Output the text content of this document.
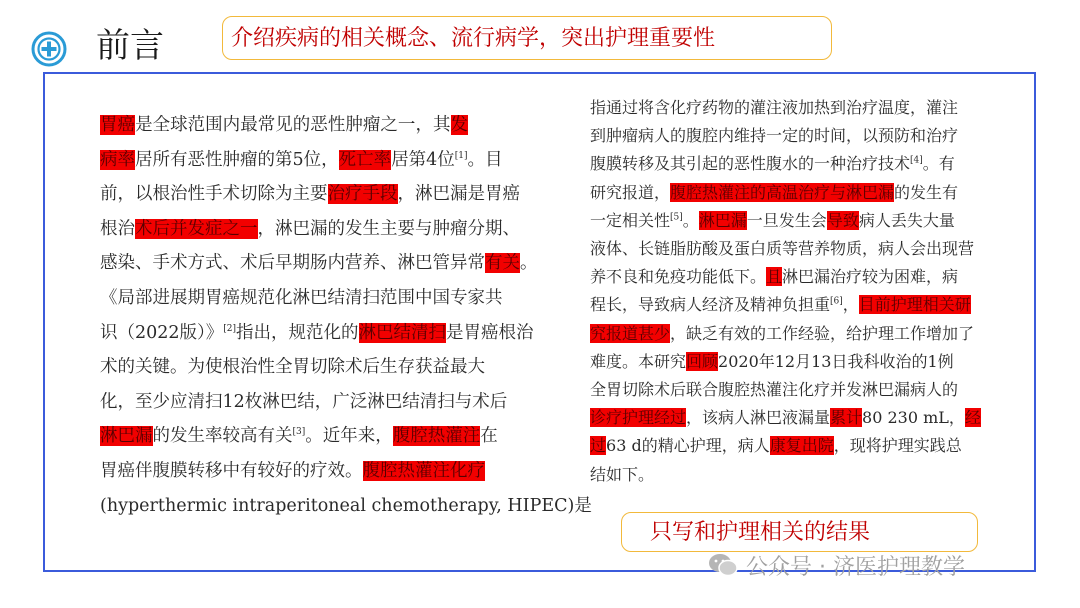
前言	介绍疾病的相关概念、流行病学，突出护理重要性
胃癌是全球范围内最常见的恶性肿瘤之一，其发
病率居所有恶性肿瘤的第5位，死亡率居第4位[1]。目
前，以根治性手术切除为主要治疗手段，淋巴漏是胃癌
根治术后并发症之一，淋巴漏的发生主要与肿瘤分期、
感染、手术方式、术后早期肠内营养、淋巴管异常有关。
《局部进展期胃癌规范化淋巴结清扫范围中国专家共
识（2022版）》[2]指出，规范化的淋巴结清扫是胃癌根治
术的关键。为使根治性全胃切除术后生存获益最大
化，至少应清扫12枚淋巴结，广泛淋巴结清扫与术后
淋巴漏的发生率较高有关[3]。近年来，腹腔热灌注在
胃癌伴腹膜转移中有较好的疗效。腹腔热灌注化疗
(hyperthermic intraperitoneal chemotherapy, HIPEC)是
指通过将含化疗药物的灌注液加热到治疗温度，灌注
到肿瘤病人的腹腔内维持一定的时间，以预防和治疗
腹膜转移及其引起的恶性腹水的一种治疗技术[4]。有
研究报道，腹腔热灌注的高温治疗与淋巴漏的发生有
一定相关性[5]。淋巴漏一旦发生会导致病人丢失大量
液体、长链脂肪酸及蛋白质等营养物质，病人会出现营
养不良和免疫功能低下。且淋巴漏治疗较为困难，病
程长，导致病人经济及精神负担重[6]，目前护理相关研
究报道甚少，缺乏有效的工作经验，给护理工作增加了
难度。本研究回顾2020年12月13日我科收治的1例
全胃切除术后联合腹腔热灌注化疗并发淋巴漏病人的
诊疗护理经过，该病人淋巴液漏量累计80 230 mL，经
过63 d的精心护理，病人康复出院，现将护理实践总
结如下。
只写和护理相关的结果
公众号 · 济医护理教学
